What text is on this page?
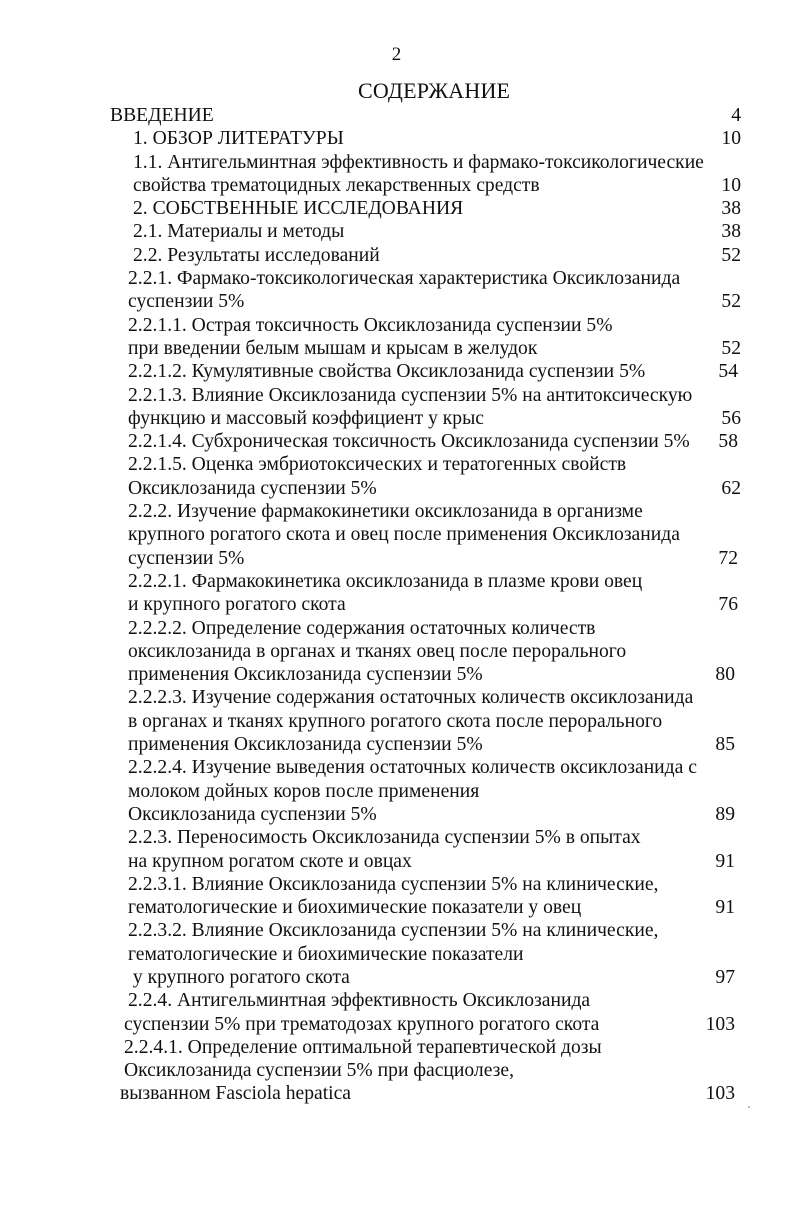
2
СОДЕРЖАНИЕ
ВВЕДЕНИЕ	4
1. ОБЗОР ЛИТЕРАТУРЫ	10
1.1. Антигельминтная эффективность и фармако-токсикологические
свойства трематоцидных лекарственных средств	10
2. СОБСТВЕННЫЕ ИССЛЕДОВАНИЯ	38
2.1. Материалы и методы	38
2.2. Результаты исследований	52
2.2.1. Фармако-токсикологическая характеристика Оксиклозанида
суспензии 5%	52
2.2.1.1. Острая токсичность Оксиклозанида суспензии 5%
при введении белым мышам и крысам в желудок	52
2.2.1.2. Кумулятивные свойства Оксиклозанида суспензии 5%	54
2.2.1.3. Влияние Оксиклозанида суспензии 5% на антитоксическую
функцию и массовый коэффициент у крыс	56
2.2.1.4. Субхроническая токсичность Оксиклозанида суспензии 5% 58
2.2.1.5. Оценка эмбриотоксических и тератогенных свойств
Оксиклозанида суспензии 5%	62
2.2.2. Изучение фармакокинетики оксиклозанида в организме
крупного рогатого скота и овец после применения Оксиклозанида
суспензии 5%	72
2.2.2.1. Фармакокинетика оксиклозанида в плазме крови овец
и крупного рогатого скота	76
2.2.2.2. Определение содержания остаточных количеств
оксиклозанида в органах и тканях овец после перорального
применения Оксиклозанида суспензии 5%	80
2.2.2.3. Изучение содержания остаточных количеств оксиклозанида
в органах и тканях крупного рогатого скота после перорального
применения Оксиклозанида суспензии 5%	85
2.2.2.4. Изучение выведения остаточных количеств оксиклозанида с
молоком дойных коров после применения
Оксиклозанида суспензии 5%	89
2.2.3. Переносимость Оксиклозанида суспензии 5% в опытах
на крупном рогатом скоте и овцах	91
2.2.3.1. Влияние Оксиклозанида суспензии 5% на клинические,
гематологические и биохимические показатели у овец	91
2.2.3.2. Влияние Оксиклозанида суспензии 5% на клинические,
гематологические и биохимические показатели
у крупного рогатого скота	97
2.2.4. Антигельминтная эффективность Оксиклозанида
суспензии 5% при трематодозах крупного рогатого скота	103
2.2.4.1. Определение оптимальной терапевтической дозы
Оксиклозанида суспензии 5% при фасциолезе,
вызванном Fasciola hepatica	103
